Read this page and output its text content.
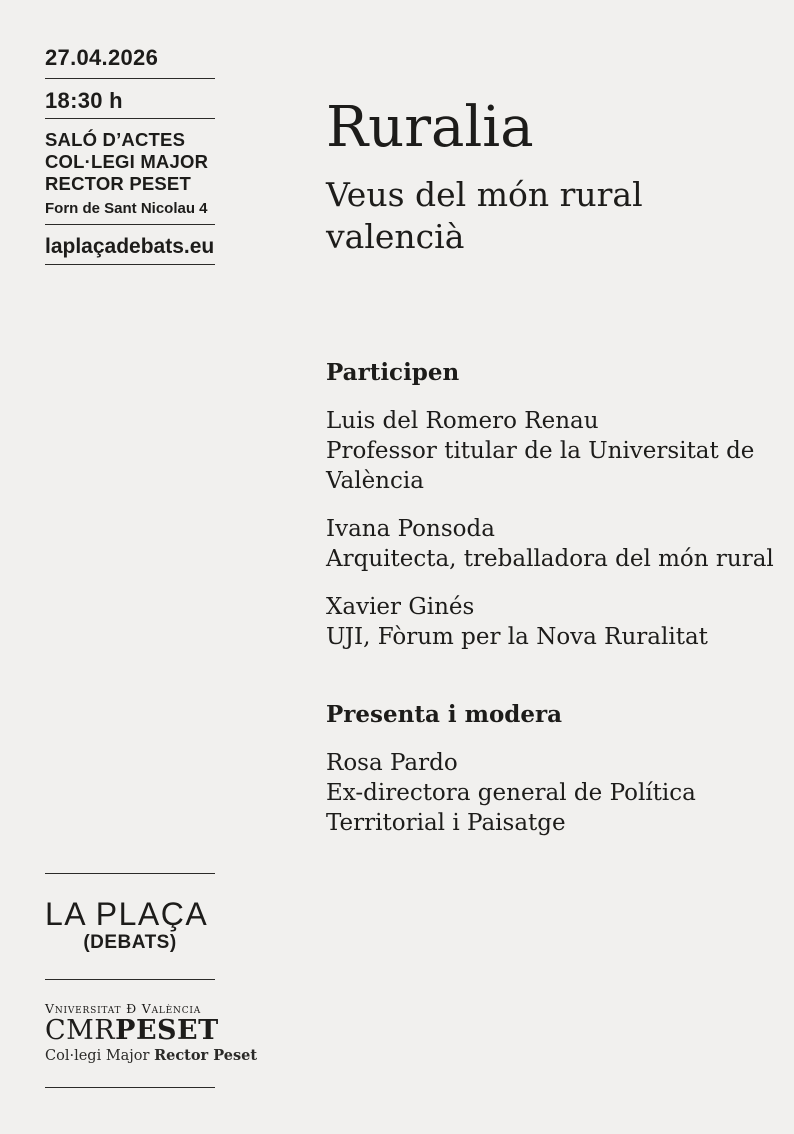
27.04.2026
18:30 h
SALÓ D’ACTES
COL·LEGI MAJOR
RECTOR PESET
Forn de Sant Nicolau 4
laplaçadebats.eu
Ruralia
Veus del món rural valencià
Participen
Luis del Romero Renau
Professor titular de la Universitat de València
Ivana Ponsoda
Arquitecta, treballadora del món rural
Xavier Ginés
UJI, Fòrum per la Nova Ruralitat
Presenta i modera
Rosa Pardo
Ex-directora general de Política Territorial i Paisatge
LA PLAÇA
(DEBATS)
Vniversitat Đ València
CMRPESET
Col·legi Major Rector Peset
